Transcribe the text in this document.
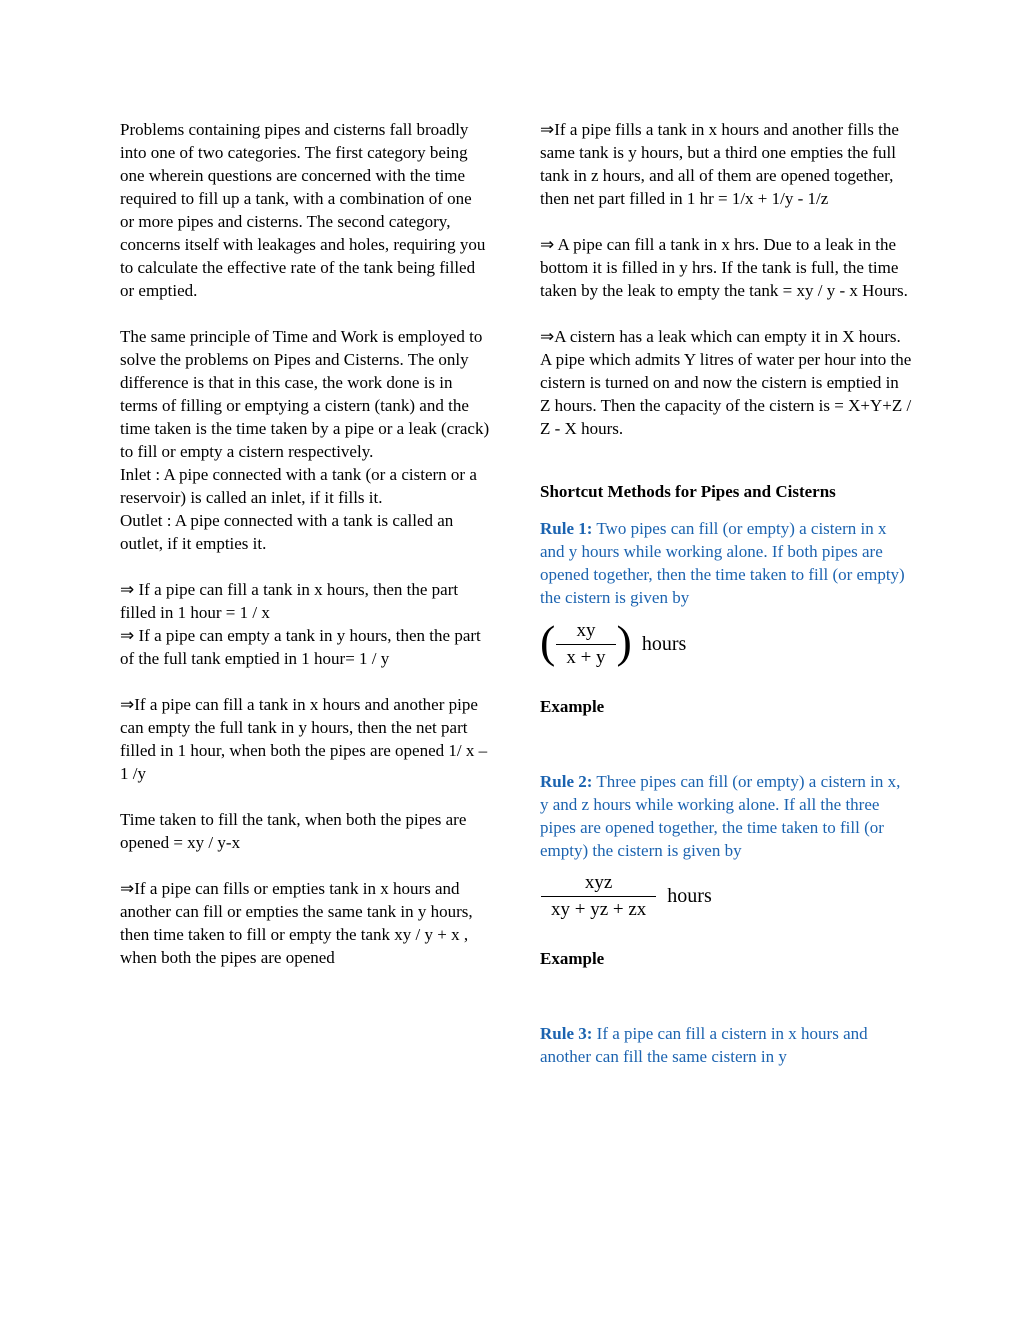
Problems containing pipes and cisterns fall broadly into one of two categories. The first category being one wherein questions are concerned with the time required to fill up a tank, with a combination of one or more pipes and cisterns. The second category, concerns itself with leakages and holes, requiring you to calculate the effective rate of the tank being filled or emptied.

The same principle of Time and Work is employed to solve the problems on Pipes and Cisterns. The only difference is that in this case, the work done is in terms of filling or emptying a cistern (tank) and the time taken is the time taken by a pipe or a leak (crack) to fill or empty a cistern respectively.

Inlet : A pipe connected with a tank (or a cistern or a reservoir) is called an inlet, if it fills it.

Outlet : A pipe connected with a tank is called an outlet, if it empties it.

⇒ If a pipe can fill a tank in x hours, then the part filled in 1 hour = 1 / x

⇒ If a pipe can empty a tank in y hours, then the part of the full tank emptied in 1 hour= 1 / y

⇒If a pipe can fill a tank in x hours and another pipe can empty the full tank in y hours, then the net part filled in 1 hour, when both the pipes are opened 1/ x – 1 /y

Time taken to fill the tank, when both the pipes are opened = xy / y-x

⇒If a pipe can fills or empties tank in x hours and another can fill or empties the same tank in y hours, then time taken to fill or empty the tank xy / y + x , when both the pipes are opened

⇒If a pipe fills a tank in x hours and another fills the same tank is y hours, but a third one empties the full tank in z hours, and all of them are opened together, then net part filled in 1 hr = 1/x + 1/y - 1/z

⇒ A pipe can fill a tank in x hrs. Due to a leak in the bottom it is filled in y hrs. If the tank is full, the time taken by the leak to empty the tank = xy / y - x Hours.

⇒A cistern has a leak which can empty it in X hours. A pipe which admits Y litres of water per hour into the cistern is turned on and now the cistern is emptied in Z hours. Then the capacity of the cistern is = X+Y+Z / Z - X hours.

Shortcut Methods for Pipes and Cisterns

Rule 1: Two pipes can fill (or empty) a cistern in x and y hours while working alone. If both pipes are opened together, then the time taken to fill (or empty) the cistern is given by

( $\frac{xy}{x + y}$ ) hours
Example

Rule 2: Three pipes can fill (or empty) a cistern in x, y and z hours while working alone. If all the three pipes are opened together, the time taken to fill (or empty) the cistern is given by

$\frac{\text{xyz}}{xy + yz + zx}$ hours
Example

Rule 3: If a pipe can fill a cistern in x hours and another can fill the same cistern in y
